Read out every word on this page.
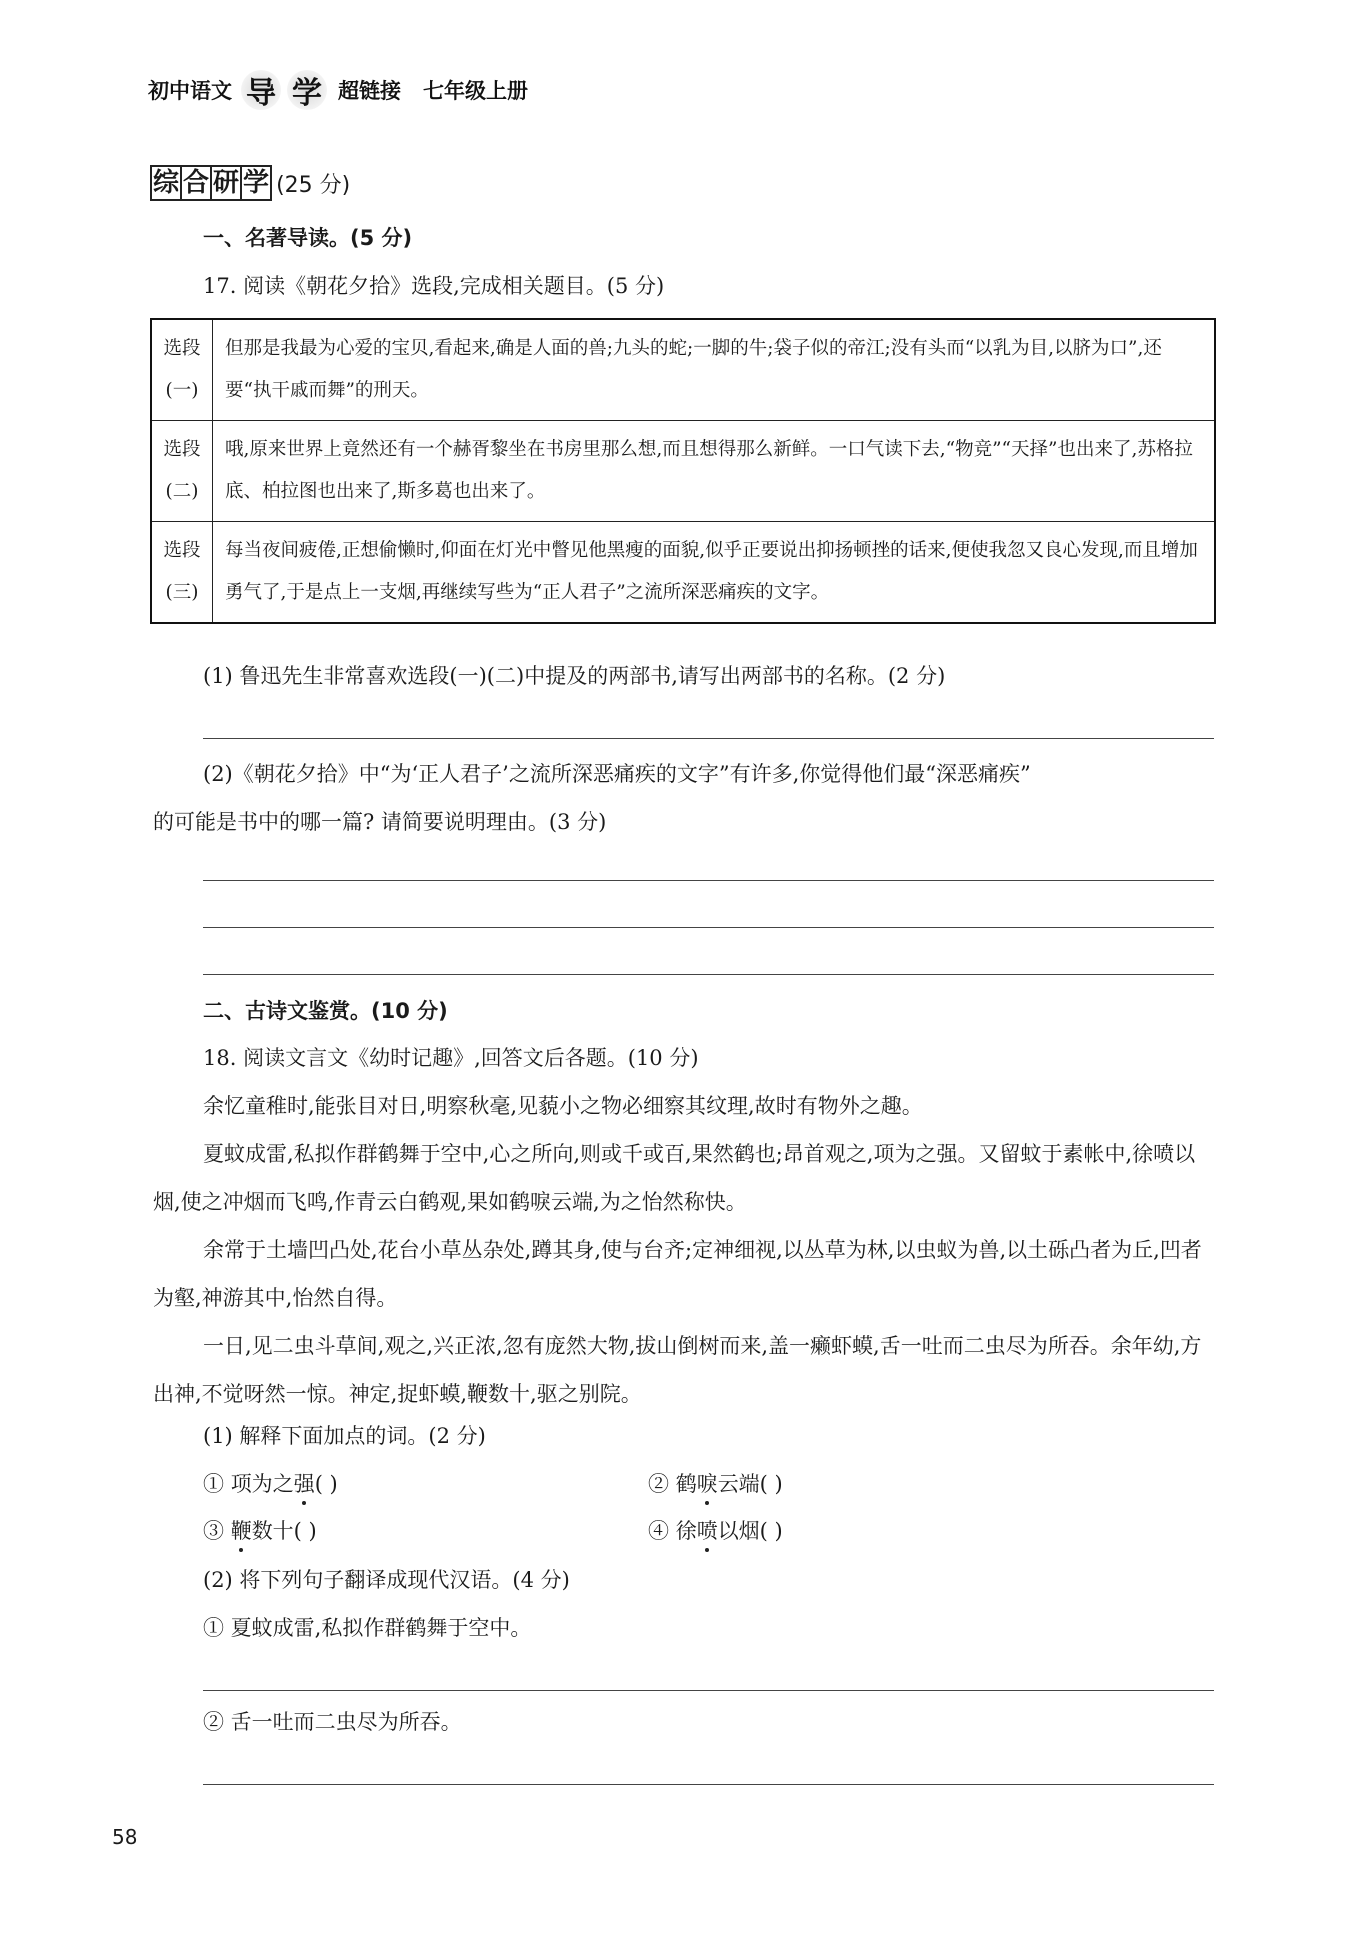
初中语文 导 学 超链接 七年级上册
综 合 研 学 (25 分)
一、名著导读。(5 分)
17. 阅读《朝花夕拾》选段,完成相关题目。(5 分)
选段
(一)	但那是我最为心爱的宝贝,看起来,确是人面的兽;九头的蛇;一脚的牛;袋子似的帝江;没有头而“以乳为目,以脐为口”,还要“执干戚而舞”的刑天。

选段
(二)	哦,原来世界上竟然还有一个赫胥黎坐在书房里那么想,而且想得那么新鲜。一口气读下去,“物竞”“天择”也出来了,苏格拉底、柏拉图也出来了,斯多葛也出来了。

选段
(三)	每当夜间疲倦,正想偷懒时,仰面在灯光中瞥见他黑瘦的面貌,似乎正要说出抑扬顿挫的话来,便使我忽又良心发现,而且增加勇气了,于是点上一支烟,再继续写些为“正人君子”之流所深恶痛疾的文字。
(1) 鲁迅先生非常喜欢选段(一)(二)中提及的两部书,请写出两部书的名称。(2 分)
(2)《朝花夕拾》中“为‘正人君子’之流所深恶痛疾的文字”有许多,你觉得他们最“深恶痛疾”
的可能是书中的哪一篇? 请简要说明理由。(3 分)
二、古诗文鉴赏。(10 分)
18. 阅读文言文《幼时记趣》,回答文后各题。(10 分)
余忆童稚时,能张目对日,明察秋毫,见藐小之物必细察其纹理,故时有物外之趣。
夏蚊成雷,私拟作群鹤舞于空中,心之所向,则或千或百,果然鹤也;昂首观之,项为之强。又留蚊于素帐中,徐喷以烟,使之冲烟而飞鸣,作青云白鹤观,果如鹤唳云端,为之怡然称快。
余常于土墙凹凸处,花台小草丛杂处,蹲其身,使与台齐;定神细视,以丛草为林,以虫蚁为兽,以土砾凸者为丘,凹者为壑,神游其中,怡然自得。
一日,见二虫斗草间,观之,兴正浓,忽有庞然大物,拔山倒树而来,盖一癞虾蟆,舌一吐而二虫尽为所吞。余年幼,方出神,不觉呀然一惊。神定,捉虾蟆,鞭数十,驱之别院。
(1) 解释下面加点的词。(2 分)
① 项为之强( )	② 鹤唳云端( )
③ 鞭数十( )	④ 徐喷以烟( )
(2) 将下列句子翻译成现代汉语。(4 分)
① 夏蚊成雷,私拟作群鹤舞于空中。
② 舌一吐而二虫尽为所吞。
58
